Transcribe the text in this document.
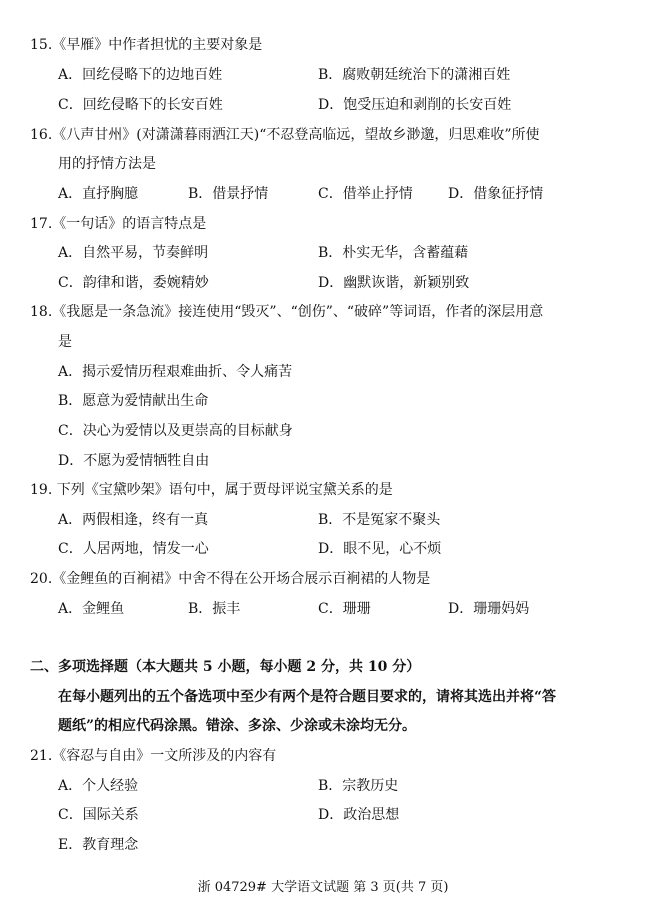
15.《早雁》中作者担忧的主要对象是
A．回纥侵略下的边地百姓	B．腐败朝廷统治下的潇湘百姓
C．回纥侵略下的长安百姓	D．饱受压迫和剥削的长安百姓
16.《八声甘州》(对潇潇暮雨洒江天)“不忍登高临远，望故乡渺邈，归思难收”所使
用的抒情方法是
A．直抒胸臆	B．借景抒情	C．借举止抒情	D．借象征抒情
17.《一句话》的语言特点是
A．自然平易，节奏鲜明	B．朴实无华，含蓄蕴藉
C．韵律和谐，委婉精妙	D．幽默诙谐，新颖别致
18.《我愿是一条急流》接连使用“毁灭”、“创伤”、“破碎”等词语，作者的深层用意
是
A．揭示爱情历程艰难曲折、令人痛苦
B．愿意为爱情献出生命
C．决心为爱情以及更崇高的目标献身
D．不愿为爱情牺牲自由
19. 下列《宝黛吵架》语句中，属于贾母评说宝黛关系的是
A．两假相逢，终有一真	B．不是冤家不聚头
C．人居两地，情发一心	D．眼不见，心不烦
20.《金鲤鱼的百裥裙》中舍不得在公开场合展示百裥裙的人物是
A．金鲤鱼	B．振丰	C．珊珊	D．珊珊妈妈
二、多项选择题（本大题共 5 小题，每小题 2 分，共 10 分）
在每小题列出的五个备选项中至少有两个是符合题目要求的，请将其选出并将“答
题纸”的相应代码涂黑。错涂、多涂、少涂或未涂均无分。
21.《容忍与自由》一文所涉及的内容有
A．个人经验	B．宗教历史
C．国际关系	D．政治思想
E．教育理念
浙 04729# 大学语文试题 第 3 页(共 7 页)
